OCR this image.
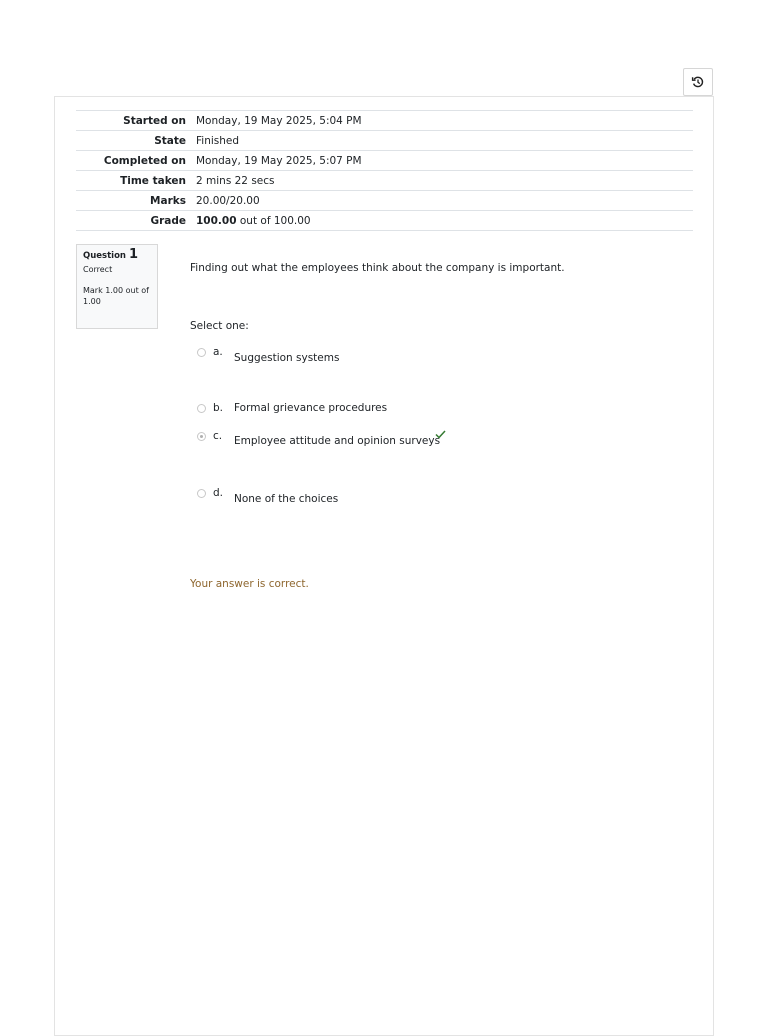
Started on	Monday, 19 May 2025, 5:04 PM
State	Finished
Completed on	Monday, 19 May 2025, 5:07 PM
Time taken	2 mins 22 secs
Marks	20.00/20.00
Grade	100.00 out of 100.00
Question 1
Correct
Mark 1.00 out of 1.00
Finding out what the employees think about the company is important.
Select one:
a. Suggestion systems
b. Formal grievance procedures
c. Employee attitude and opinion surveys
d. None of the choices
Your answer is correct.
